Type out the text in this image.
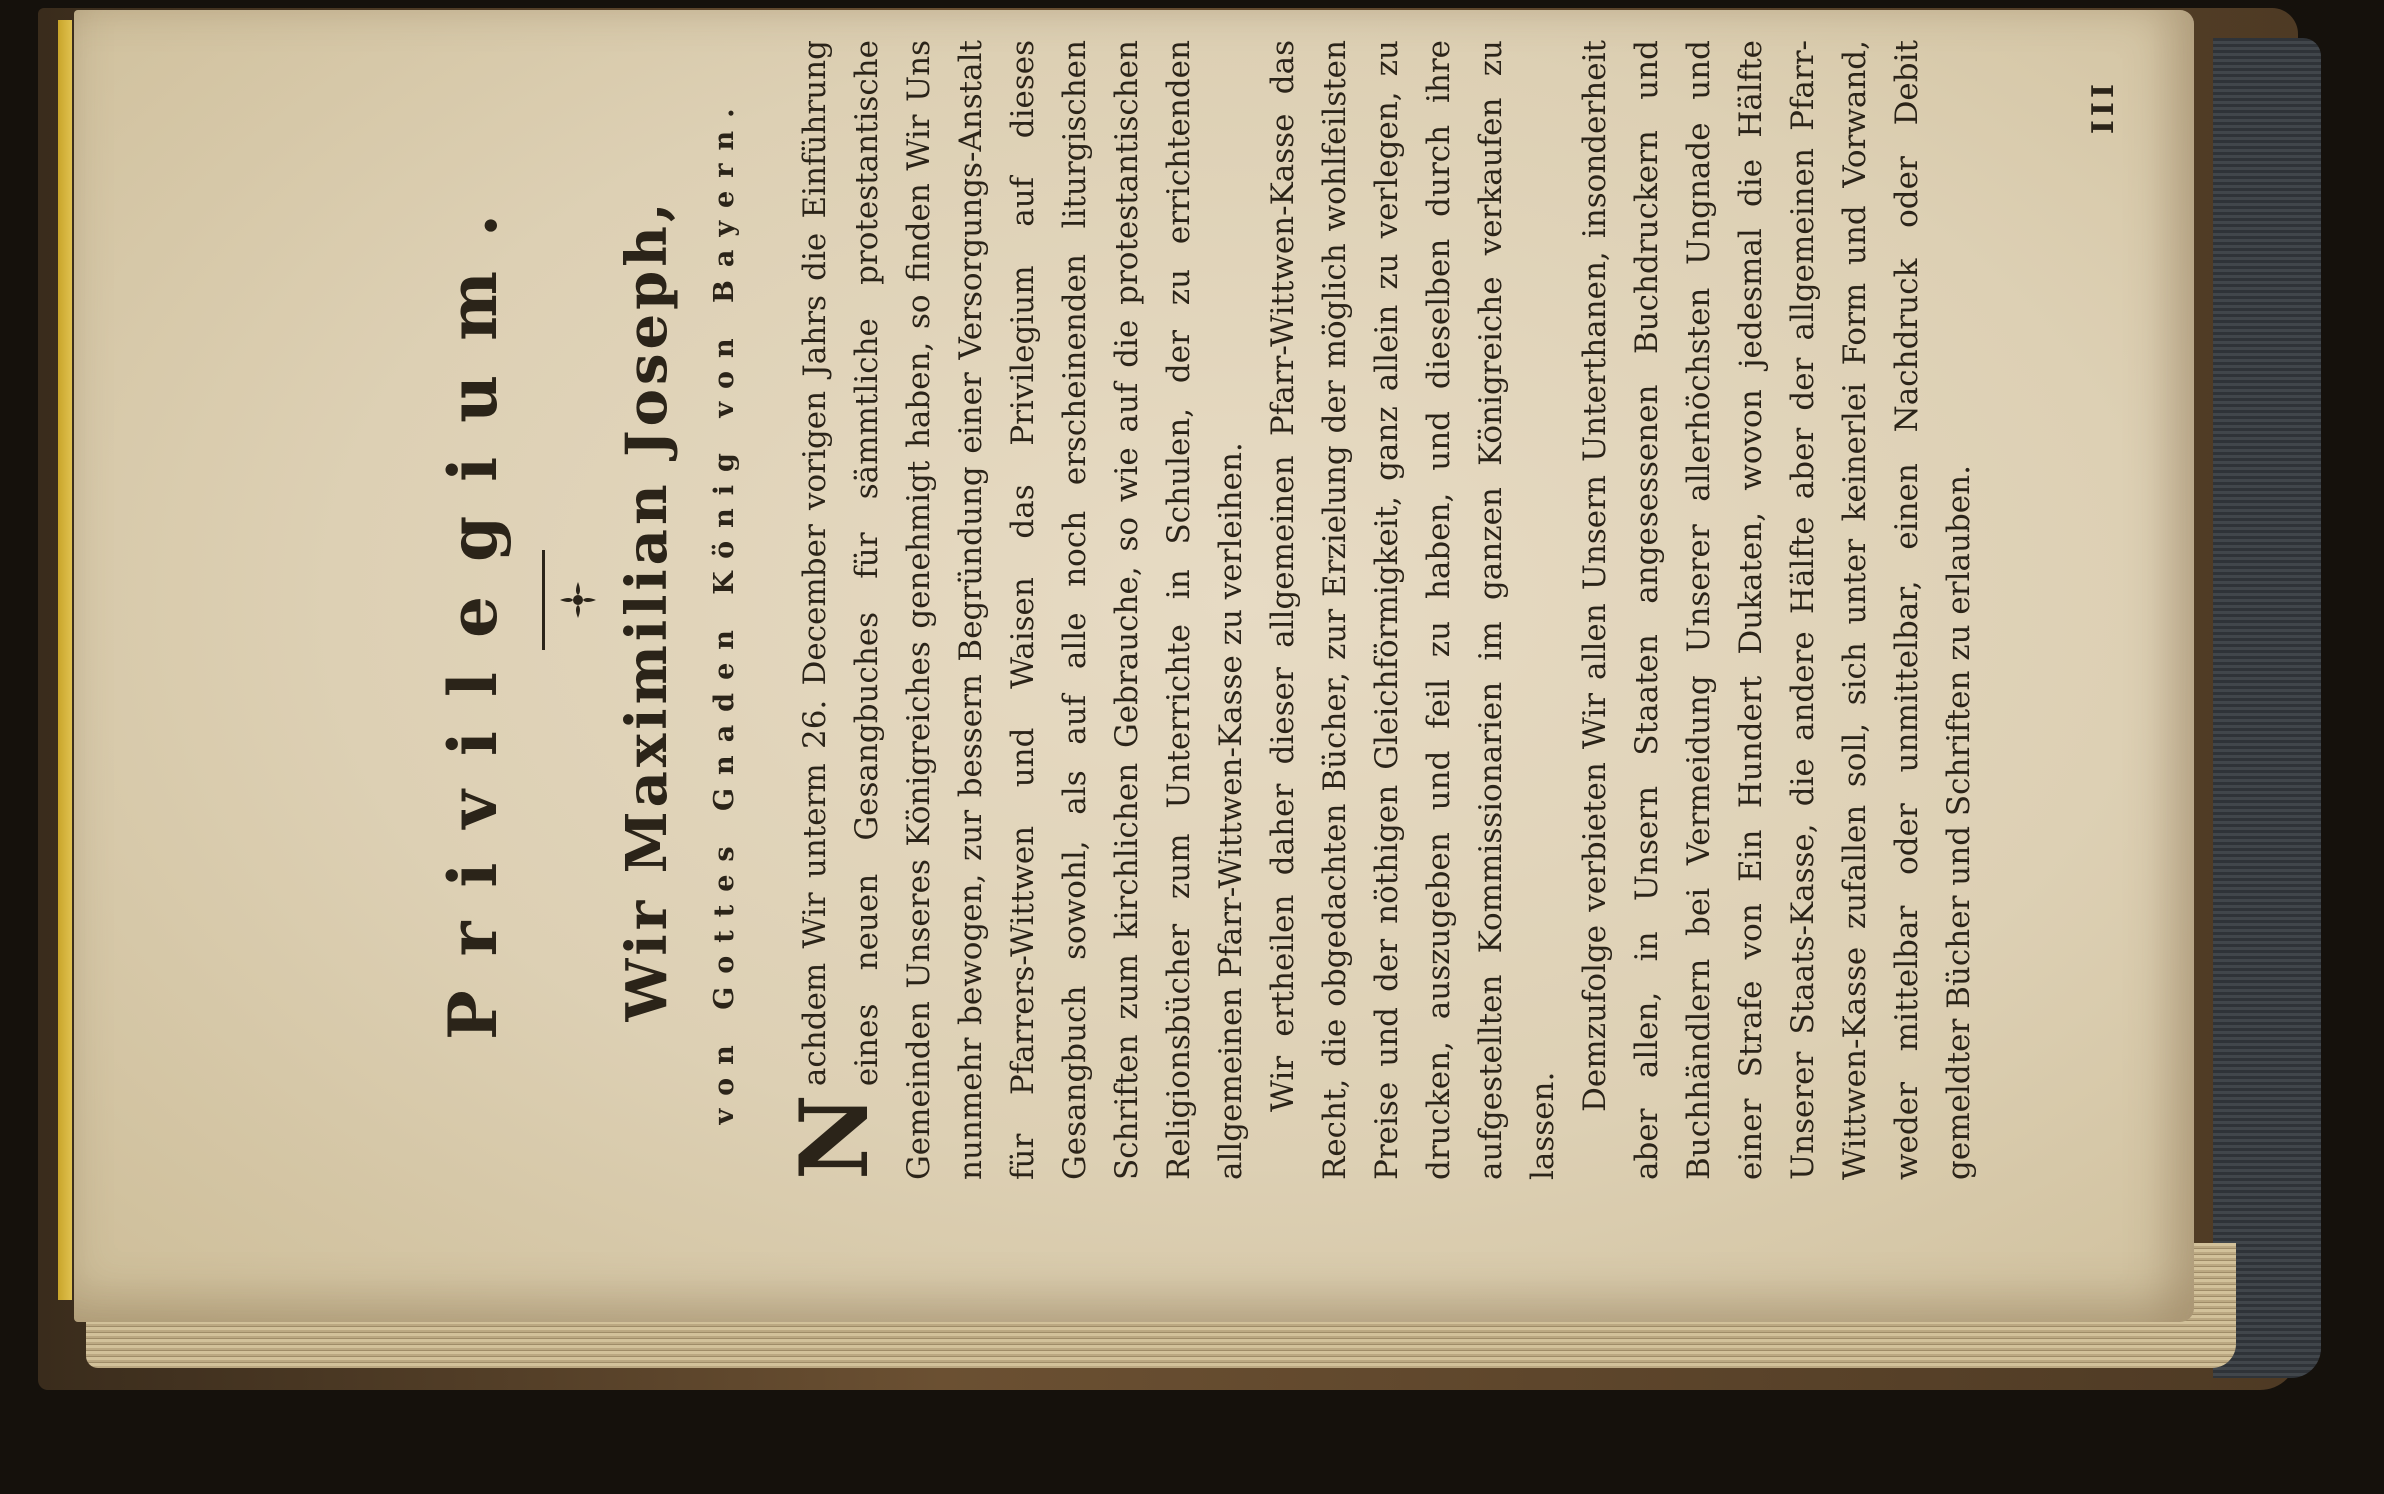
Privilegium. Wir Maximilian Joseph, von Gottes Gnaden König von Bayern.

N
achdem Wir unterm 26. December vorigen Jahrs die Einführung eines neuen Gesangbuches für sämmtliche protestantische Gemeinden Unseres Königreiches genehmigt haben, so finden Wir Uns nunmehr bewogen, zur bessern Begründung einer Versorgungs-Anstalt für Pfarrers-Wittwen und Waisen das Privilegium auf dieses Gesangbuch sowohl, als auf alle noch erscheinenden liturgischen Schriften zum kirchlichen Gebrauche, so wie auf die protestantischen Religionsbücher zum Unterrichte in Schulen, der zu errichtenden allgemeinen Pfarr-Wittwen-Kasse zu verleihen. Wir ertheilen daher dieser allgemeinen Pfarr-Wittwen-Kasse das Recht, die obgedachten Bücher, zur Erzielung der möglich wohlfeilsten Preise und der nöthigen Gleichförmigkeit, ganz allein zu verlegen, zu drucken, auszugeben und feil zu haben, und dieselben durch ihre aufgestellten Kommissionarien im ganzen Königreiche verkaufen zu lassen.

Demzufolge verbieten Wir allen Unsern Unterthanen, insonderheit aber allen, in Unsern Staaten angesessenen Buchdruckern und Buchhändlern bei Vermeidung Unserer allerhöchsten Ungnade und einer Strafe von Ein Hundert Dukaten, wovon jedesmal die Hälfte Unserer Staats-Kasse, die andere Hälfte aber der allgemeinen Pfarr-Wittwen-Kasse zufallen soll, sich unter keinerlei Form und Vorwand, weder mittelbar oder unmittelbar, einen Nachdruck oder Debit gemeldter Bücher und Schriften zu erlauben.

III
